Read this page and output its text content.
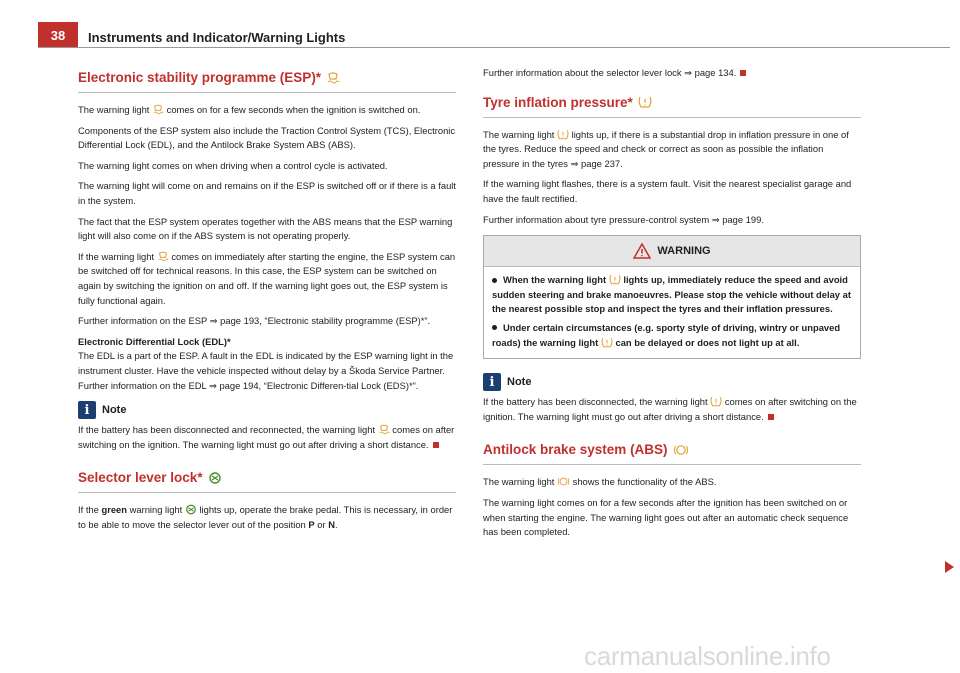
38	Instruments and Indicator/Warning Lights
Electronic stability programme (ESP)*

The warning light comes on for a few seconds when the ignition is switched on.

Components of the ESP system also include the Traction Control System (TCS), Electronic Differential Lock (EDL), and the Antilock Brake System ABS (ABS).

The warning light comes on when driving when a control cycle is activated.

The warning light will come on and remains on if the ESP is switched off or if there is a fault in the system.

The fact that the ESP system operates together with the ABS means that the ESP warning light will also come on if the ABS system is not operating properly.

If the warning light comes on immediately after starting the engine, the ESP system can be switched off for technical reasons. In this case, the ESP system can be switched on again by switching the ignition on and off. If the warning light goes out, the ESP system is fully functional again.

Further information on the ESP ⇒ page 193, “Electronic stability programme (ESP)*”.

Electronic Differential Lock (EDL)*

The EDL is a part of the ESP. A fault in the EDL is indicated by the ESP warning light in the instrument cluster. Have the vehicle inspected without delay by a Škoda Service Partner. Further information on the EDL ⇒ page 194, “Electronic Differen-tial Lock (EDS)*”.

i	Note

If the battery has been disconnected and reconnected, the warning light comes on after switching on the ignition. The warning light must go out after driving a short distance.

Selector lever lock*

If the green warning light lights up, operate the brake pedal. This is necessary, in order to be able to move the selector lever out of the position P or N.

Further information about the selector lever lock ⇒ page 134.

Tyre inflation pressure*

The warning light lights up, if there is a substantial drop in inflation pressure in one of the tyres. Reduce the speed and check or correct as soon as possible the inflation pressure in the tyres ⇒ page 237.

If the warning light flashes, there is a system fault. Visit the nearest specialist garage and have the fault rectified.

Further information about tyre pressure-control system ⇒ page 199.

WARNING

When the warning light lights up, immediately reduce the speed and avoid sudden steering and brake manoeuvres. Please stop the vehicle without delay at the nearest possible stop and inspect the tyres and their inflation pressures.

Under certain circumstances (e.g. sporty style of driving, wintry or unpaved roads) the warning light can be delayed or does not light up at all.

i	Note

If the battery has been disconnected, the warning light comes on after switching on the ignition. The warning light must go out after driving a short distance.

Antilock brake system (ABS)

The warning light shows the functionality of the ABS.

The warning light comes on for a few seconds after the ignition has been switched on or when starting the engine. The warning light goes out after an automatic check sequence has been completed.

carmanualsonline.info
